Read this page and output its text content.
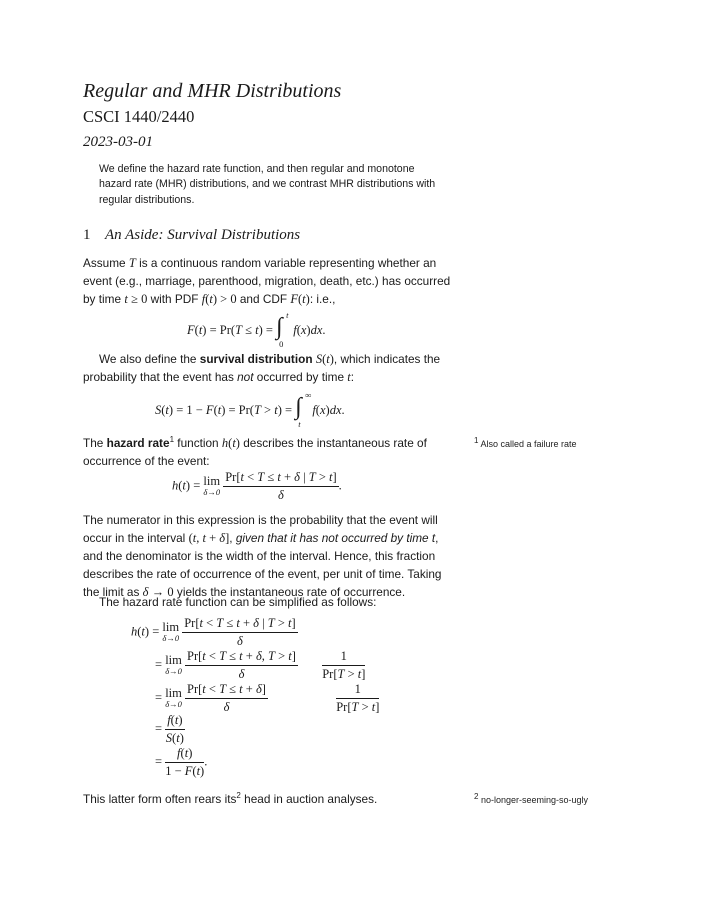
Regular and MHR Distributions
CSCI 1440/2440
2023-03-01
We define the hazard rate function, and then regular and monotone hazard rate (MHR) distributions, and we contrast MHR distributions with regular distributions.
1 An Aside: Survival Distributions
Assume T is a continuous random variable representing whether an event (e.g., marriage, parenthood, migration, death, etc.) has occurred by time t ≥ 0 with PDF f(t) > 0 and CDF F(t): i.e.,
F(t) = Pr(T ≤ t) = ∫ t
0
f(x)dx.
We also define the survival distribution S(t), which indicates the probability that the event has not occurred by time t:
S(t) = 1 − F(t) = Pr(T > t) = ∫ ∞
t
f(x)dx.
The hazard rate$^1$ function h(t) describes the instantaneous rate of occurrence of the event:
$^1$ Also called a failure rate
h(t) = lim
δ→0
$\frac{Pr[t < T \le t + \delta | T > t]}{\delta}$ .
The numerator in this expression is the probability that the event will occur in the interval (t, t + δ], given that it has not occurred by time t, and the denominator is the width of the interval. Hence, this fraction describes the rate of occurrence of the event, per unit of time. Taking the limit as δ → 0 yields the instantaneous rate of occurrence.
The hazard rate function can be simplified as follows:
h(t) = lim
δ→0
$\frac{Pr[t < T \le t + \delta | T > t]}{\delta}$
= lim
δ→0
$\frac{Pr[t < T \le t + \delta, T > t]}{\delta}$
$\frac{1}{Pr[T > t]}$
= lim
δ→0
$\frac{Pr[t < T \le t + \delta]}{\delta}$
	$\frac{1}{Pr[T > t]}$
= $\frac{f(t)}{S(t)}$
= $\frac{f(t)}{1 - F(t)}$ .
This latter form often rears its$^2$ head in auction analyses.	$^2$ no-longer-seeming-so-ugly
